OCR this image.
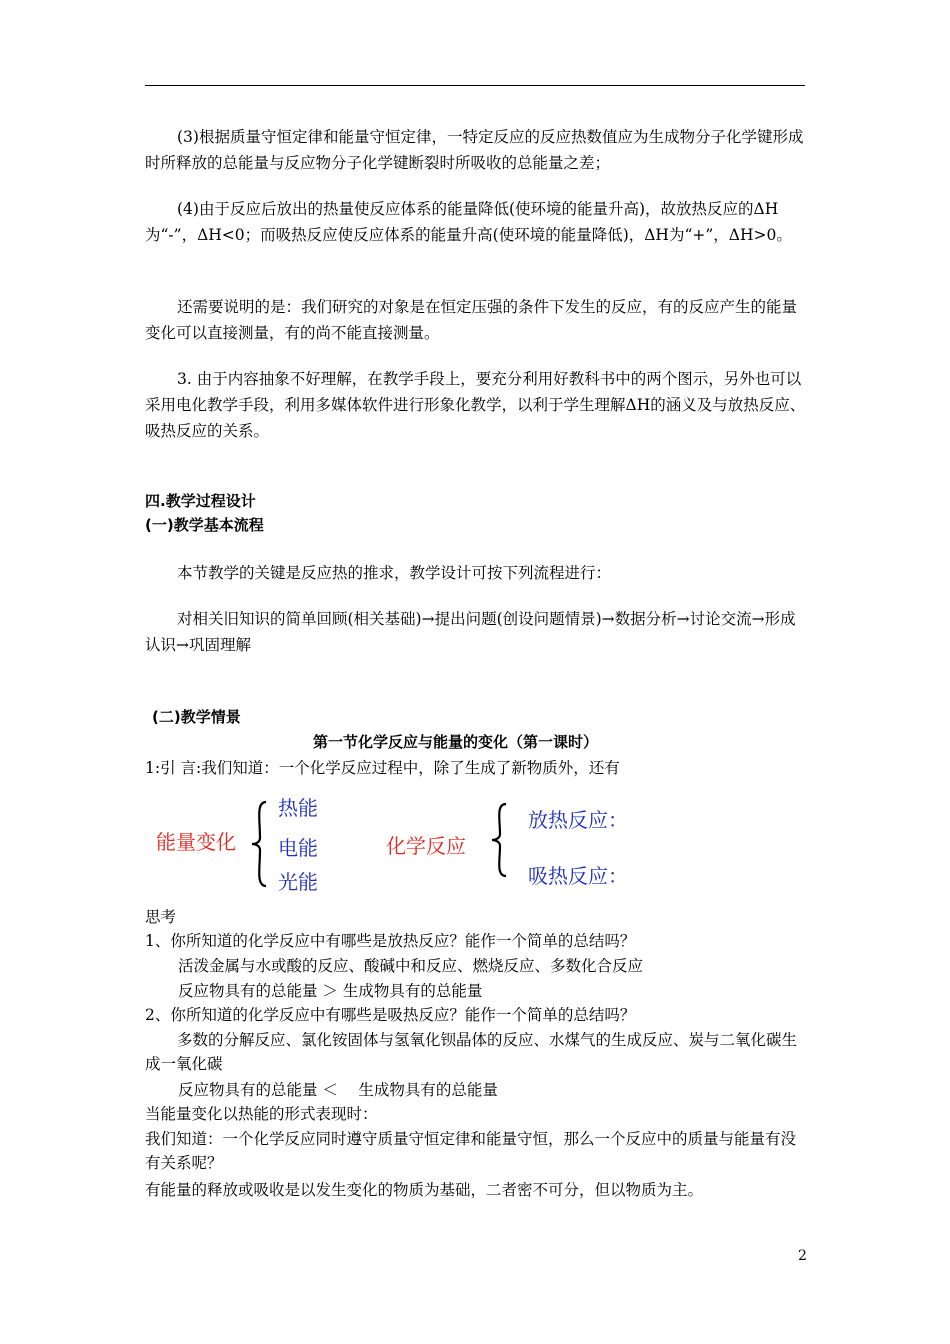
(3)根据质量守恒定律和能量守恒定律，一特定反应的反应热数值应为生成物分子化学键形成时所释放的总能量与反应物分子化学键断裂时所吸收的总能量之差；

(4)由于反应后放出的热量使反应体系的能量降低(使环境的能量升高)，故放热反应的ΔH为“-”，ΔH<0；而吸热反应使反应体系的能量升高(使环境的能量降低)，ΔH为“+”，ΔH>0。

还需要说明的是：我们研究的对象是在恒定压强的条件下发生的反应，有的反应产生的能量变化可以直接测量，有的尚不能直接测量。

3. 由于内容抽象不好理解，在教学手段上，要充分利用好教科书中的两个图示，另外也可以采用电化教学手段，利用多媒体软件进行形象化教学，以利于学生理解ΔH的涵义及与放热反应、吸热反应的关系。

四.教学过程设计
(一)教学基本流程

本节教学的关键是反应热的推求，教学设计可按下列流程进行：

对相关旧知识的简单回顾(相关基础)→提出问题(创设问题情景)→数据分析→讨论交流→形成认识→巩固理解

(二)教学情景
第一节化学反应与能量的变化（第一课时）
1:引 言:我们知道：一个化学反应过程中，除了生成了新物质外，还有
能量变化
热能
电能
光能
化学反应
放热反应：
吸热反应：
思考
1、你所知道的化学反应中有哪些是放热反应？能作一个简单的总结吗？
活泼金属与水或酸的反应、酸碱中和反应、燃烧反应、多数化合反应
反应物具有的总能量 ＞ 生成物具有的总能量
2、你所知道的化学反应中有哪些是吸热反应？能作一个简单的总结吗？

多数的分解反应、氯化铵固体与氢氧化钡晶体的反应、水煤气的生成反应、炭与二氧化碳生成一氧化碳

反应物具有的总能量 ＜　 生成物具有的总能量
当能量变化以热能的形式表现时：

我们知道：一个化学反应同时遵守质量守恒定律和能量守恒，那么一个反应中的质量与能量有没有关系呢？

有能量的释放或吸收是以发生变化的物质为基础，二者密不可分，但以物质为主。
2
